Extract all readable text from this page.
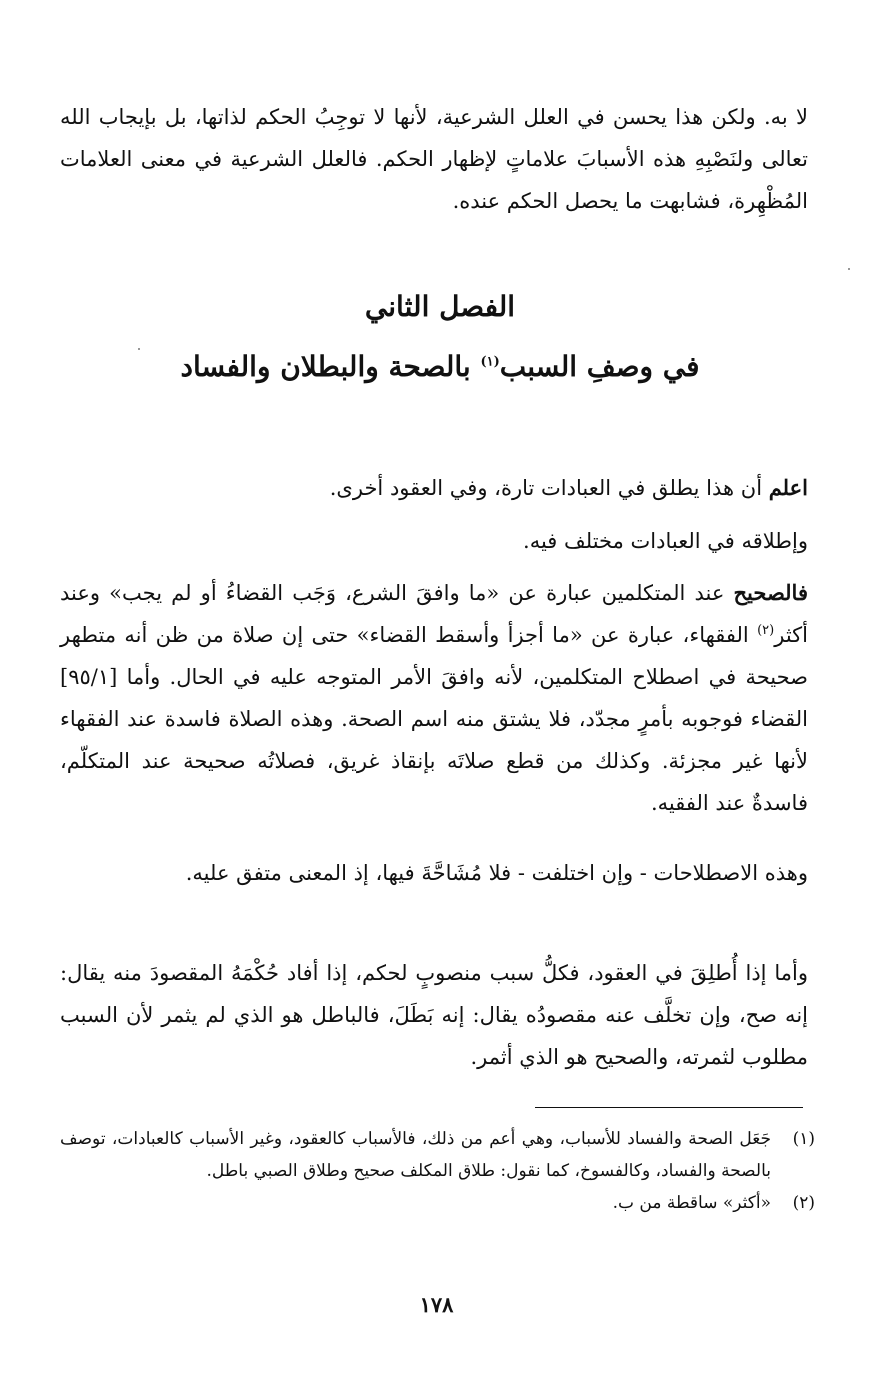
لا به. ولكن هذا يحسن في العلل الشرعية، لأنها لا توجِبُ الحكم لذاتها، بل بإيجاب الله تعالى ولنَصْبِهِ هذه الأسبابَ علاماتٍ لإظهار الحكم. فالعلل الشرعية في معنى العلامات المُظْهِرة، فشابهت ما يحصل الحكم عنده.

الفصل الثاني
في وصفِ السبب$^{(١)}$ بالصحة والبطلان والفساد

اعلم أن هذا يطلق في العبادات تارة، وفي العقود أخرى.

وإطلاقه في العبادات مختلف فيه.

فالصحيح عند المتكلمين عبارة عن «ما وافقَ الشرع، وَجَب القضاءُ أو لم يجب» وعند أكثر$^{(٢)}$ الفقهاء، عبارة عن «ما أجزأ وأسقط القضاء» حتى إن صلاة من ظن أنه متطهر صحيحة في اصطلاح المتكلمين، لأنه وافقَ الأمر المتوجه عليه في الحال. وأما [٩٥/١] القضاء فوجوبه بأمرٍ مجدّد، فلا يشتق منه اسم الصحة. وهذه الصلاة فاسدة عند الفقهاء لأنها غير مجزئة. وكذلك من قطع صلاتَه بإنقاذ غريق، فصلاتُه صحيحة عند المتكلّم، فاسدةٌ عند الفقيه.

وهذه الاصطلاحات - وإن اختلفت - فلا مُشَاحَّةَ فيها، إذ المعنى متفق عليه.

وأما إذا أُطلِقَ في العقود، فكلُّ سبب منصوبٍ لحكم، إذا أفاد حُكْمَهُ المقصودَ منه يقال: إنه صح، وإن تخلَّف عنه مقصودُه يقال: إنه بَطَلَ، فالباطل هو الذي لم يثمر لأن السبب مطلوب لثمرته، والصحيح هو الذي أثمر.

(١)
جَعَل الصحة والفساد للأسباب، وهي أعم من ذلك، فالأسباب كالعقود، وغير الأسباب كالعبادات، توصف بالصحة والفساد، وكالفسوخ، كما نقول: طلاق المكلف صحيح وطلاق الصبي باطل.
(٢)
«أكثر» ساقطة من ب.
١٧٨
